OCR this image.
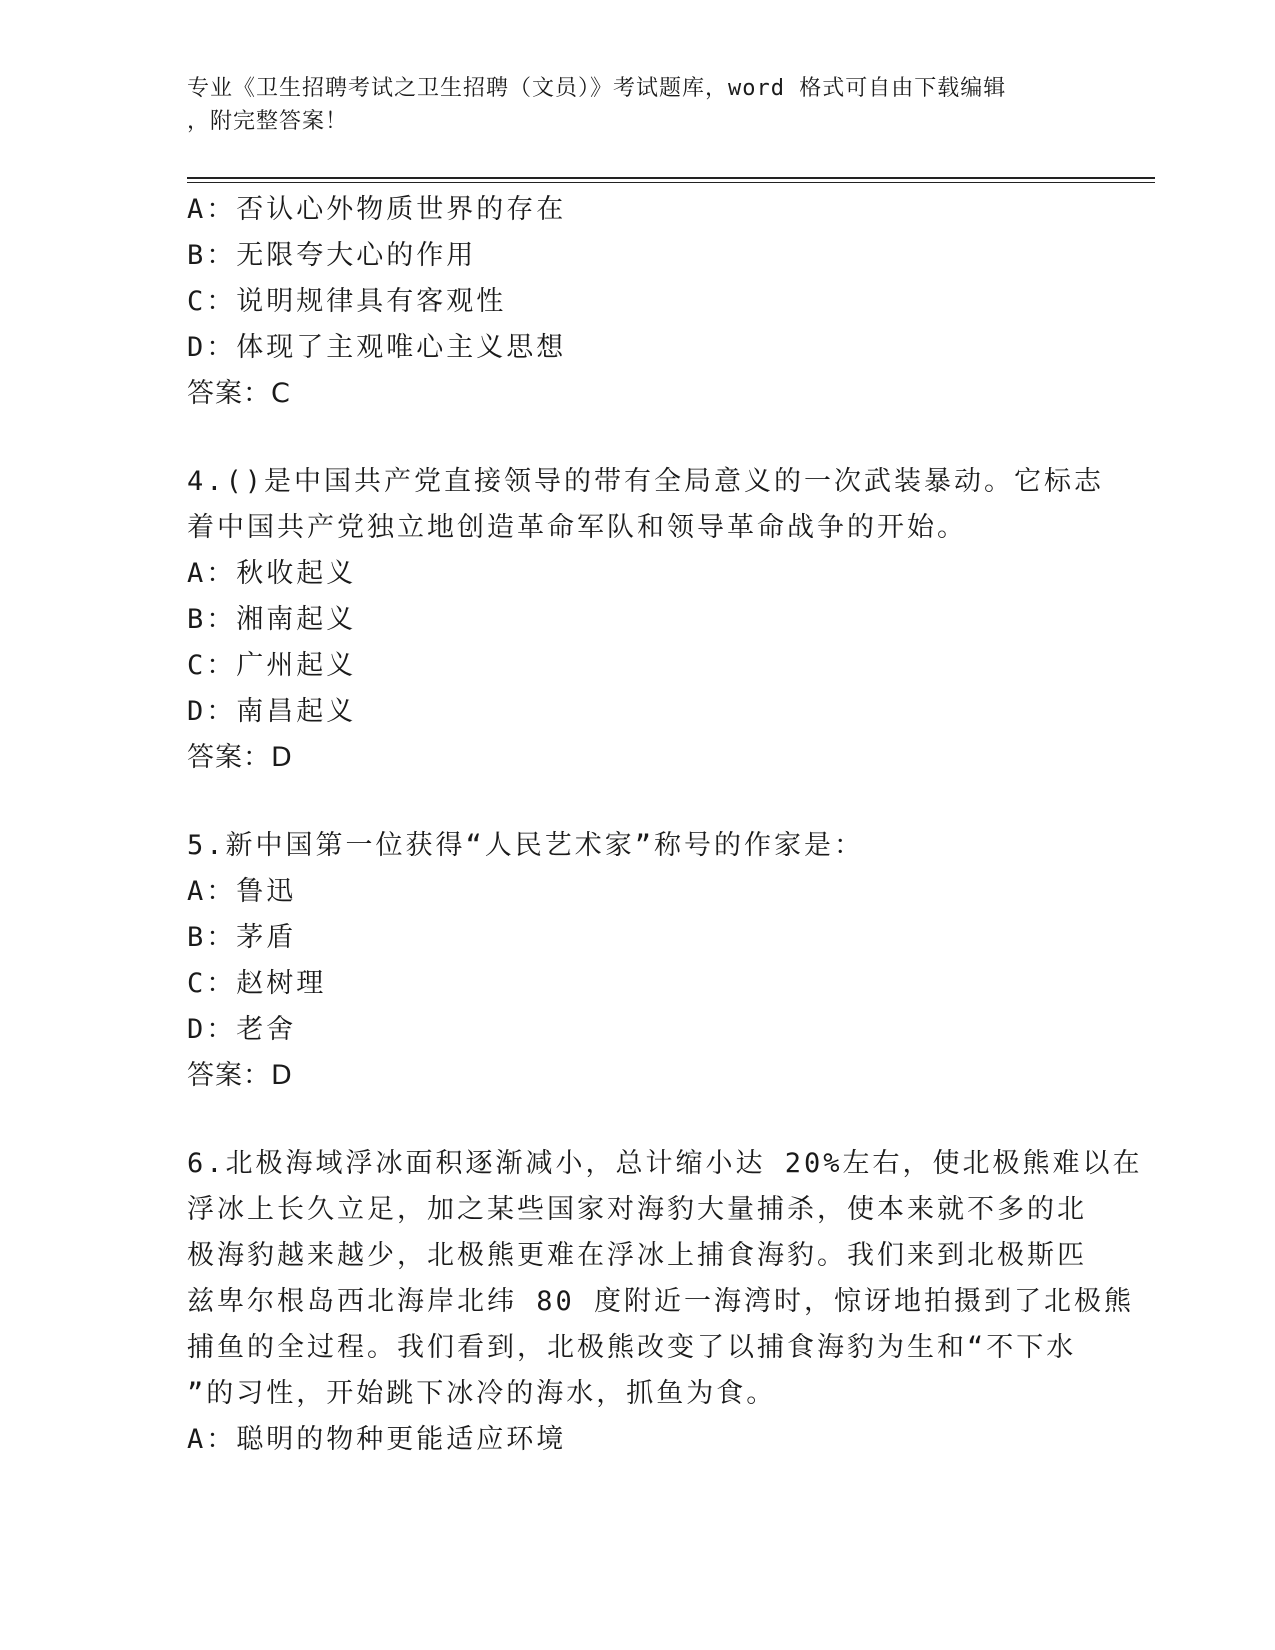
专业《卫生招聘考试之卫生招聘（文员）》考试题库，word 格式可自由下载编辑
，附完整答案！
A：否认心外物质世界的存在
B：无限夸大心的作用
C：说明规律具有客观性
D：体现了主观唯心主义思想
答案：C
4.()是中国共产党直接领导的带有全局意义的一次武装暴动。它标志
着中国共产党独立地创造革命军队和领导革命战争的开始。
A：秋收起义
B：湘南起义
C：广州起义
D：南昌起义
答案：D
5.新中国第一位获得“人民艺术家”称号的作家是：
A：鲁迅
B：茅盾
C：赵树理
D：老舍
答案：D
6.北极海域浮冰面积逐渐减小，总计缩小达 20%左右，使北极熊难以在
浮冰上长久立足，加之某些国家对海豹大量捕杀，使本来就不多的北
极海豹越来越少，北极熊更难在浮冰上捕食海豹。我们来到北极斯匹
兹卑尔根岛西北海岸北纬 80 度附近一海湾时，惊讶地拍摄到了北极熊
捕鱼的全过程。我们看到，北极熊改变了以捕食海豹为生和“不下水
”的习性，开始跳下冰冷的海水，抓鱼为食。
A：聪明的物种更能适应环境
